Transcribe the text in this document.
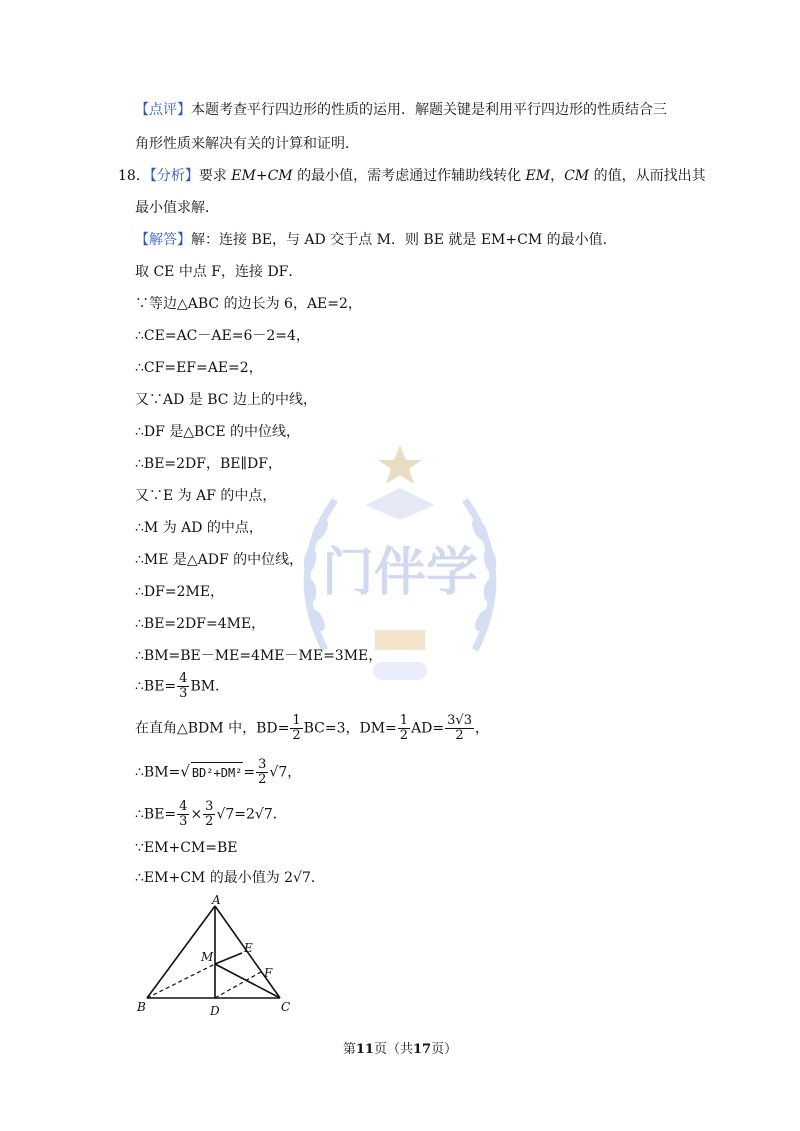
门伴学
【点评】本题考查平行四边形的性质的运用．解题关键是利用平行四边形的性质结合三
角形性质来解决有关的计算和证明．
18．【分析】要求 EM+CM 的最小值，需考虑通过作辅助线转化 EM，CM 的值，从而找出其
最小值求解．
【解答】解：连接 BE，与 AD 交于点 M．则 BE 就是 EM+CM 的最小值．
取 CE 中点 F，连接 DF．
∵等边△ABC 的边长为 6，AE=2，
∴CE=AC－AE=6－2=4，
∴CF=EF=AE=2，
又∵AD 是 BC 边上的中线，
∴DF 是△BCE 的中位线，
∴BE=2DF，BE∥DF，
又∵E 为 AF 的中点，
∴M 为 AD 的中点，
∴ME 是△ADF 的中位线，
∴DF=2ME，
∴BE=2DF=4ME，
∴BM=BE－ME=4ME－ME=3ME，
∴BE= $\frac{4}{3}$ BM．
在直角△BDM 中，$BD= \frac{1}{2} BC=3$，$DM= \frac{1}{2} AD= \frac{3√3}{2}$ ，
∴BM=√ $BD^2+DM^2= \frac{3}{2} √7$，
∴BE= $\frac{4}{3} \times \frac{3}{2} √7=2√7$．
∵EM+CM=BE
∴EM+CM 的最小值为 2√7．
A
B	C
D
E
F
M
第11页（共17页）
